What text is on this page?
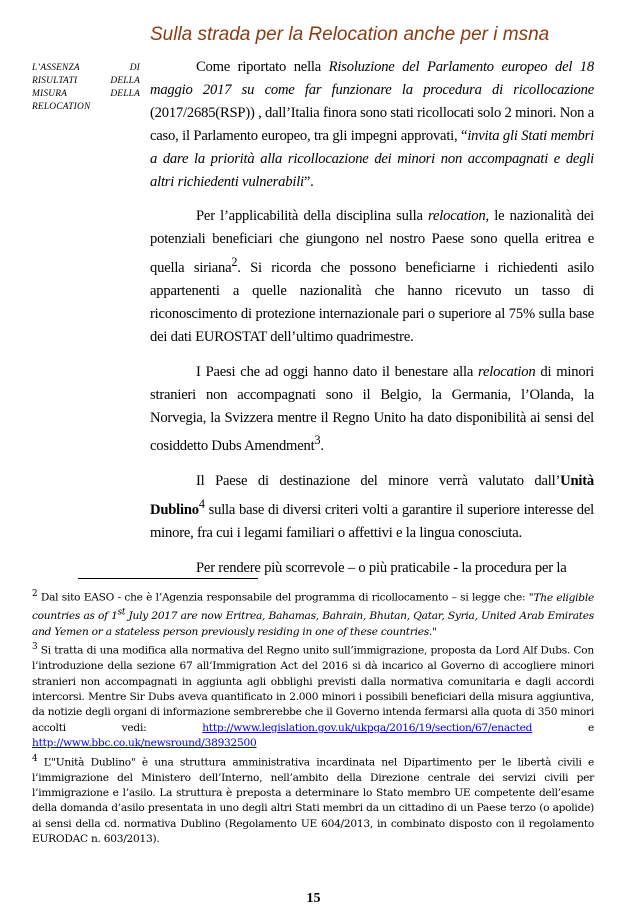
Sulla strada per la Relocation anche per i msna
L’ASSENZA DI RISULTATI DELLA MISURA DELLA RELOCATION

Come riportato nella Risoluzione del Parlamento europeo del 18 maggio 2017 su come far funzionare la procedura di ricollocazione (2017/2685(RSP)) , dall’Italia finora sono stati ricollocati solo 2 minori. Non a caso, il Parlamento europeo, tra gli impegni approvati, “invita gli Stati membri a dare la priorità alla ricollocazione dei minori non accompagnati e degli altri richiedenti vulnerabili”.

Per l’applicabilità della disciplina sulla relocation, le nazionalità dei potenziali beneficiari che giungono nel nostro Paese sono quella eritrea e quella siriana$^2$. Si ricorda che possono beneficiarne i richiedenti asilo appartenenti a quelle nazionalità che hanno ricevuto un tasso di riconoscimento di protezione internazionale pari o superiore al 75% sulla base dei dati EUROSTAT dell’ultimo quadrimestre.

I Paesi che ad oggi hanno dato il benestare alla relocation di minori stranieri non accompagnati sono il Belgio, la Germania, l’Olanda, la Norvegia, la Svizzera mentre il Regno Unito ha dato disponibilità ai sensi del cosiddetto Dubs Amendment$^3$.

Il Paese di destinazione del minore verrà valutato dall’Unità Dublino$^4$ sulla base di diversi criteri volti a garantire il superiore interesse del minore, fra cui i legami familiari o affettivi e la lingua conosciuta.

Per rendere più scorrevole – o più praticabile - la procedura per la

$^2$ Dal sito EASO - che è l’Agenzia responsabile del programma di ricollocamento – si legge che: "The eligible countries as of 1st July 2017 are now Eritrea, Bahamas, Bahrain, Bhutan, Qatar, Syria, United Arab Emirates and Yemen or a stateless person previously residing in one of these countries."

$^3$ Si tratta di una modifica alla normativa del Regno unito sull’immigrazione, proposta da Lord Alf Dubs. Con l’introduzione della sezione 67 all’Immigration Act del 2016 si dà incarico al Governo di accogliere minori stranieri non accompagnati in aggiunta agli obblighi previsti dalla normativa comunitaria e dagli accordi intercorsi. Mentre Sir Dubs aveva quantificato in 2.000 minori i possibili beneficiari della misura aggiuntiva, da notizie degli organi di informazione sembrerebbe che il Governo intenda fermarsi alla quota di 350 minori accolti vedi: http://www.legislation.gov.uk/ukpga/2016/19/section/67/enacted e http://www.bbc.co.uk/newsround/38932500

$^4$ L’"Unità Dublino" è una struttura amministrativa incardinata nel Dipartimento per le libertà civili e l’immigrazione del Ministero dell’Interno, nell’ambito della Direzione centrale dei servizi civili per l’immigrazione e l’asilo. La struttura è preposta a determinare lo Stato membro UE competente dell’esame della domanda d’asilo presentata in uno degli altri Stati membri da un cittadino di un Paese terzo (o apolide) ai sensi della cd. normativa Dublino (Regolamento UE 604/2013, in combinato disposto con il regolamento EURODAC n. 603/2013).

15
